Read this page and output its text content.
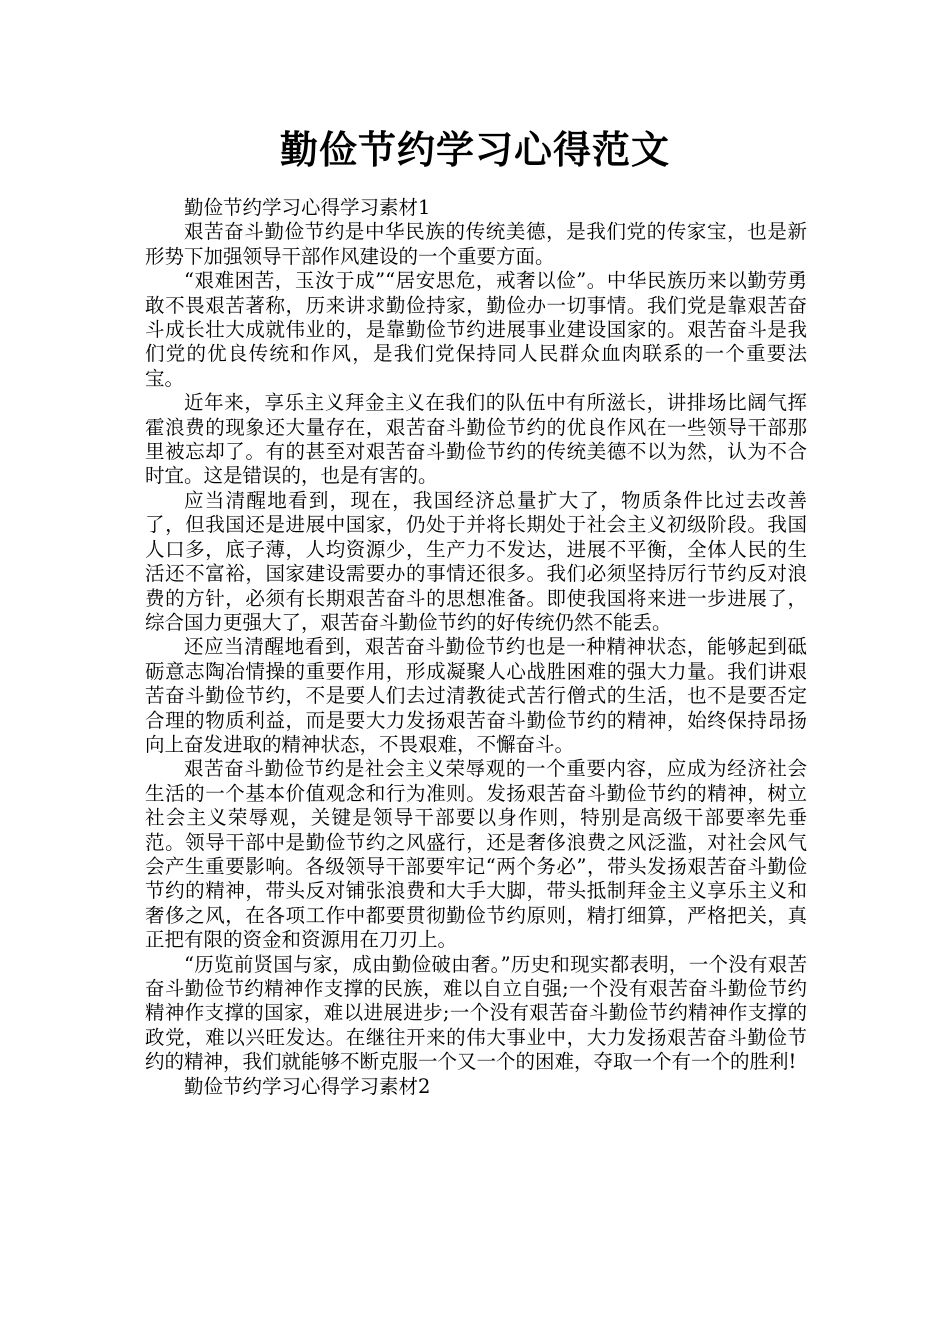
勤俭节约学习心得范文

勤俭节约学习心得学习素材1

艰苦奋斗勤俭节约是中华民族的传统美德，是我们党的传家宝，也是新形势下加强领导干部作风建设的一个重要方面。

“艰难困苦，玉汝于成”“居安思危，戒奢以俭”。中华民族历来以勤劳勇敢不畏艰苦著称，历来讲求勤俭持家，勤俭办一切事情。我们党是靠艰苦奋斗成长壮大成就伟业的，是靠勤俭节约进展事业建设国家的。艰苦奋斗是我们党的优良传统和作风，是我们党保持同人民群众血肉联系的一个重要法宝。

近年来，享乐主义拜金主义在我们的队伍中有所滋长，讲排场比阔气挥霍浪费的现象还大量存在，艰苦奋斗勤俭节约的优良作风在一些领导干部那里被忘却了。有的甚至对艰苦奋斗勤俭节约的传统美德不以为然，认为不合时宜。这是错误的，也是有害的。

应当清醒地看到，现在，我国经济总量扩大了，物质条件比过去改善了，但我国还是进展中国家，仍处于并将长期处于社会主义初级阶段。我国人口多，底子薄，人均资源少，生产力不发达，进展不平衡，全体人民的生活还不富裕，国家建设需要办的事情还很多。我们必须坚持厉行节约反对浪费的方针，必须有长期艰苦奋斗的思想准备。即使我国将来进一步进展了，综合国力更强大了，艰苦奋斗勤俭节约的好传统仍然不能丢。

还应当清醒地看到，艰苦奋斗勤俭节约也是一种精神状态，能够起到砥砺意志陶冶情操的重要作用，形成凝聚人心战胜困难的强大力量。我们讲艰苦奋斗勤俭节约，不是要人们去过清教徒式苦行僧式的生活，也不是要否定合理的物质利益，而是要大力发扬艰苦奋斗勤俭节约的精神，始终保持昂扬向上奋发进取的精神状态，不畏艰难，不懈奋斗。

艰苦奋斗勤俭节约是社会主义荣辱观的一个重要内容，应成为经济社会生活的一个基本价值观念和行为准则。发扬艰苦奋斗勤俭节约的精神，树立社会主义荣辱观，关键是领导干部要以身作则，特别是高级干部要率先垂范。领导干部中是勤俭节约之风盛行，还是奢侈浪费之风泛滥，对社会风气会产生重要影响。各级领导干部要牢记“两个务必”，带头发扬艰苦奋斗勤俭节约的精神，带头反对铺张浪费和大手大脚，带头抵制拜金主义享乐主义和奢侈之风，在各项工作中都要贯彻勤俭节约原则，精打细算，严格把关，真正把有限的资金和资源用在刀刃上。

“历览前贤国与家，成由勤俭破由奢。”历史和现实都表明，一个没有艰苦奋斗勤俭节约精神作支撑的民族，难以自立自强;一个没有艰苦奋斗勤俭节约精神作支撑的国家，难以进展进步;一个没有艰苦奋斗勤俭节约精神作支撑的政党，难以兴旺发达。在继往开来的伟大事业中，大力发扬艰苦奋斗勤俭节约的精神，我们就能够不断克服一个又一个的困难，夺取一个有一个的胜利!

勤俭节约学习心得学习素材2
